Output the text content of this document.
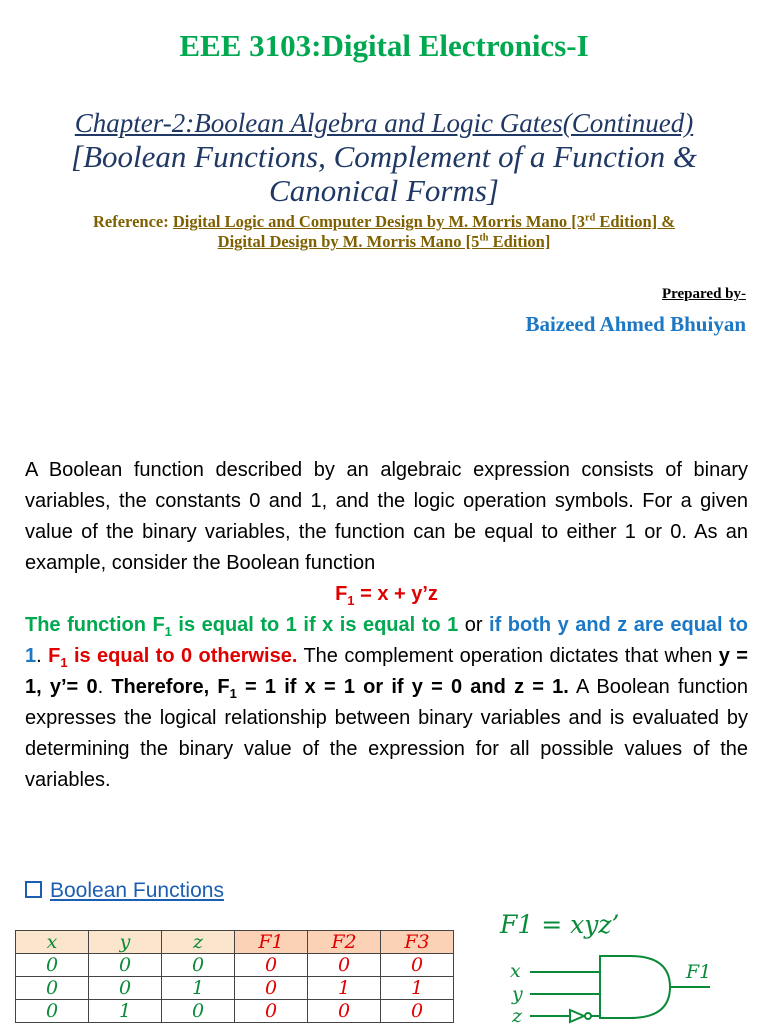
EEE 3103:Digital Electronics-I
Chapter-2:Boolean Algebra and Logic Gates(Continued)
[Boolean Functions, Complement of a Function & Canonical Forms]
Reference: Digital Logic and Computer Design by M. Morris Mano [3rd Edition] &
Digital Design by M. Morris Mano [5th Edition]
Prepared by-
Baizeed Ahmed Bhuiyan

A Boolean function described by an algebraic expression consists of binary variables, the constants 0 and 1, and the logic operation symbols. For a given value of the binary variables, the function can be equal to either 1 or 0. As an example, consider the Boolean function

$F_1 = x$ + y’z

The function $F_1$ is equal to 1 if x is equal to 1 or if both y and z are equal to 1. $F_1$ is equal to 0 otherwise. The complement operation dictates that when y = 1, y’= 0. Therefore, $F_1 = 1$ if x = 1 or if y = 0 and z = 1. A Boolean function expresses the logical relationship between binary variables and is evaluated by determining the binary value of the expression for all possible values of the variables.

Boolean Functions
x	y	z	F1	F2	F3
0	0	0	0	0	0
0	0	1	0	1	1
0	1	0	0	0	0
F1 = xyz’
x
y
z
F1
